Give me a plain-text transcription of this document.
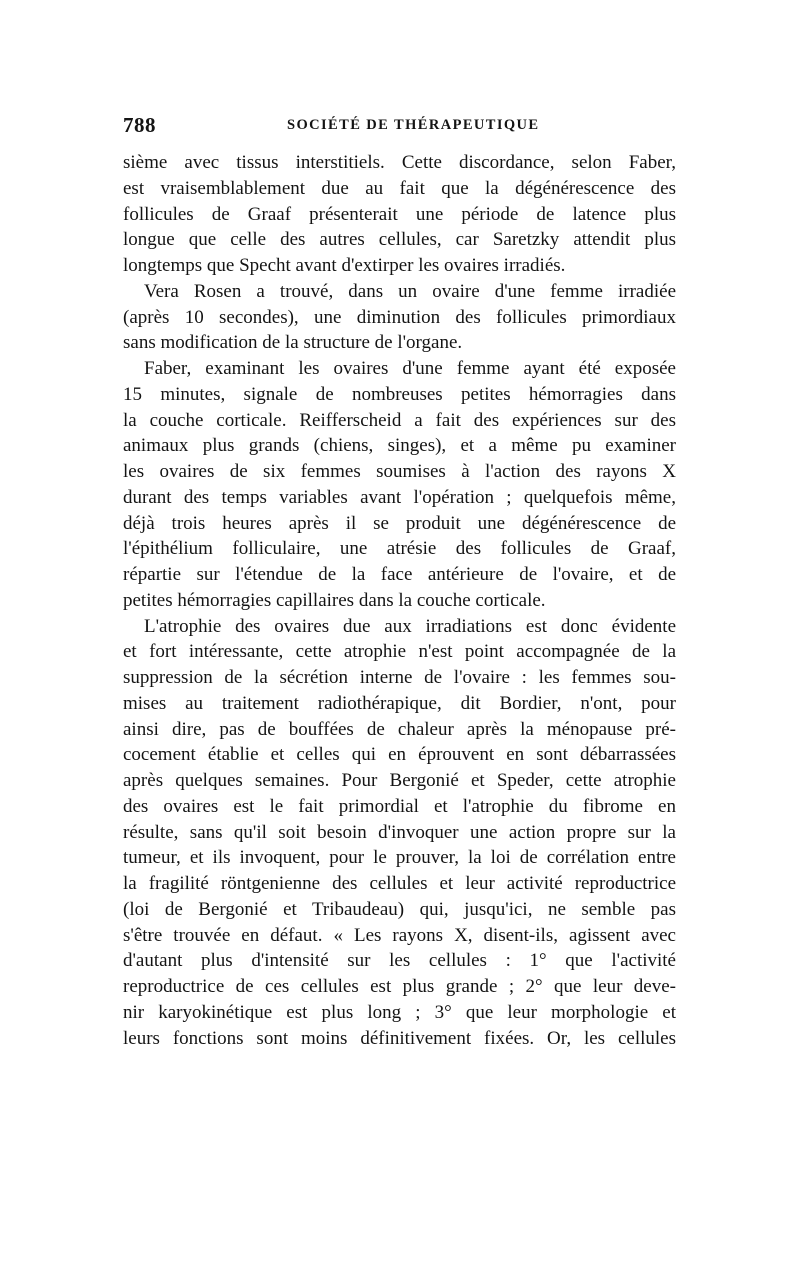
788	SOCIÉTÉ DE THÉRAPEUTIQUE
sième avec tissus interstitiels. Cette discordance, selon Faber,
est vraisemblablement due au fait que la dégénérescence des
follicules de Graaf présenterait une période de latence plus
longue que celle des autres cellules, car Saretzky attendit plus
longtemps que Specht avant d'extirper les ovaires irradiés.
Vera Rosen a trouvé, dans un ovaire d'une femme irradiée
(après 10 secondes), une diminution des follicules primordiaux
sans modification de la structure de l'organe.
Faber, examinant les ovaires d'une femme ayant été exposée
15 minutes, signale de nombreuses petites hémorragies dans
la couche corticale. Reifferscheid a fait des expériences sur des
animaux plus grands (chiens, singes), et a même pu examiner
les ovaires de six femmes soumises à l'action des rayons X
durant des temps variables avant l'opération ; quelquefois même,
déjà trois heures après il se produit une dégénérescence de
l'épithélium folliculaire, une atrésie des follicules de Graaf,
répartie sur l'étendue de la face antérieure de l'ovaire, et de
petites hémorragies capillaires dans la couche corticale.
L'atrophie des ovaires due aux irradiations est donc évidente
et fort intéressante, cette atrophie n'est point accompagnée de la
suppression de la sécrétion interne de l'ovaire : les femmes sou-
mises au traitement radiothérapique, dit Bordier, n'ont, pour
ainsi dire, pas de bouffées de chaleur après la ménopause pré-
cocement établie et celles qui en éprouvent en sont débarrassées
après quelques semaines. Pour Bergonié et Speder, cette atrophie
des ovaires est le fait primordial et l'atrophie du fibrome en
résulte, sans qu'il soit besoin d'invoquer une action propre sur la
tumeur, et ils invoquent, pour le prouver, la loi de corrélation entre
la fragilité röntgenienne des cellules et leur activité reproductrice
(loi de Bergonié et Tribaudeau) qui, jusqu'ici, ne semble pas
s'être trouvée en défaut. « Les rayons X, disent-ils, agissent avec
d'autant plus d'intensité sur les cellules : 1° que l'activité
reproductrice de ces cellules est plus grande ; 2° que leur deve-
nir karyokinétique est plus long ; 3° que leur morphologie et
leurs fonctions sont moins définitivement fixées. Or, les cellules
